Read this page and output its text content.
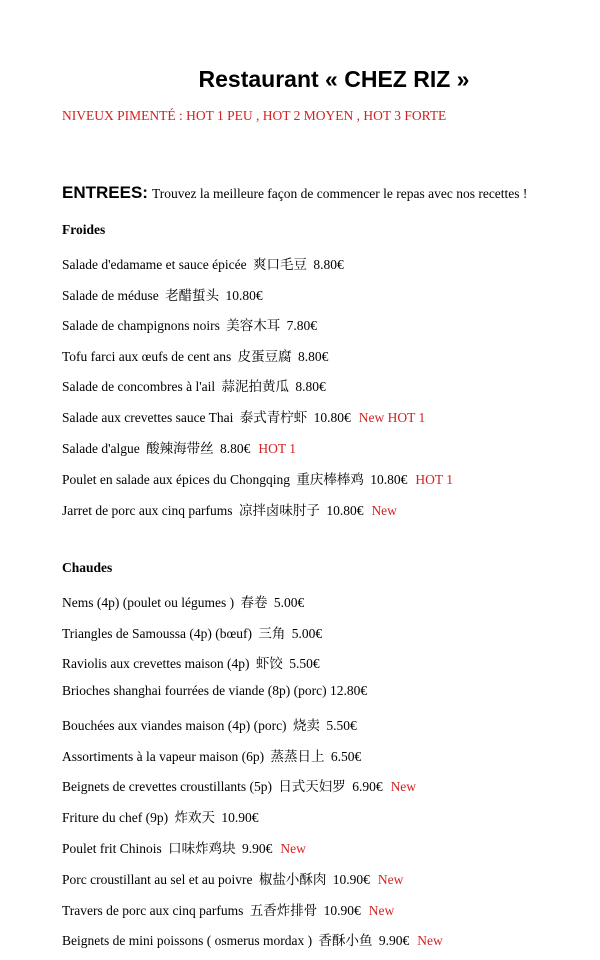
Restaurant « CHEZ RIZ »

NIVEUX PIMENTÉ : HOT 1 PEU , HOT 2 MOYEN , HOT 3 FORTE

ENTREES: Trouvez la meilleure façon de commencer le repas avec nos recettes !

Froides

Salade d'edamame et sauce épicée 爽口毛豆 8.80€
Salade de méduse 老醋蜇头 10.80€
Salade de champignons noirs 美容木耳 7.80€
Tofu farci aux œufs de cent ans 皮蛋豆腐 8.80€
Salade de concombres à l'ail 蒜泥拍黄瓜 8.80€
Salade aux crevettes sauce Thai 泰式青柠虾 10.80€ New HOT 1
Salade d'algue 酸辣海带丝 8.80€ HOT 1
Poulet en salade aux épices du Chongqing 重庆棒棒鸡 10.80€ HOT 1
Jarret de porc aux cinq parfums 凉拌卤味肘子 10.80€ New

Chaudes

Nems (4p) (poulet ou légumes ) 春卷 5.00€
Triangles de Samoussa (4p) (bœuf) 三角 5.00€
Raviolis aux crevettes maison (4p) 虾饺 5.50€
Brioches shanghai fourrées de viande (8p) (porc) 12.80€
Bouchées aux viandes maison (4p) (porc) 烧卖 5.50€
Assortiments à la vapeur maison (6p) 蒸蒸日上 6.50€
Beignets de crevettes croustillants (5p) 日式天妇罗 6.90€ New
Friture du chef (9p) 炸欢天 10.90€
Poulet frit Chinois 口味炸鸡块 9.90€ New
Porc croustillant au sel et au poivre 椒盐小酥肉 10.90€ New
Travers de porc aux cinq parfums 五香炸排骨 10.90€ New
Beignets de mini poissons ( osmerus mordax ) 香酥小鱼 9.90€ New
